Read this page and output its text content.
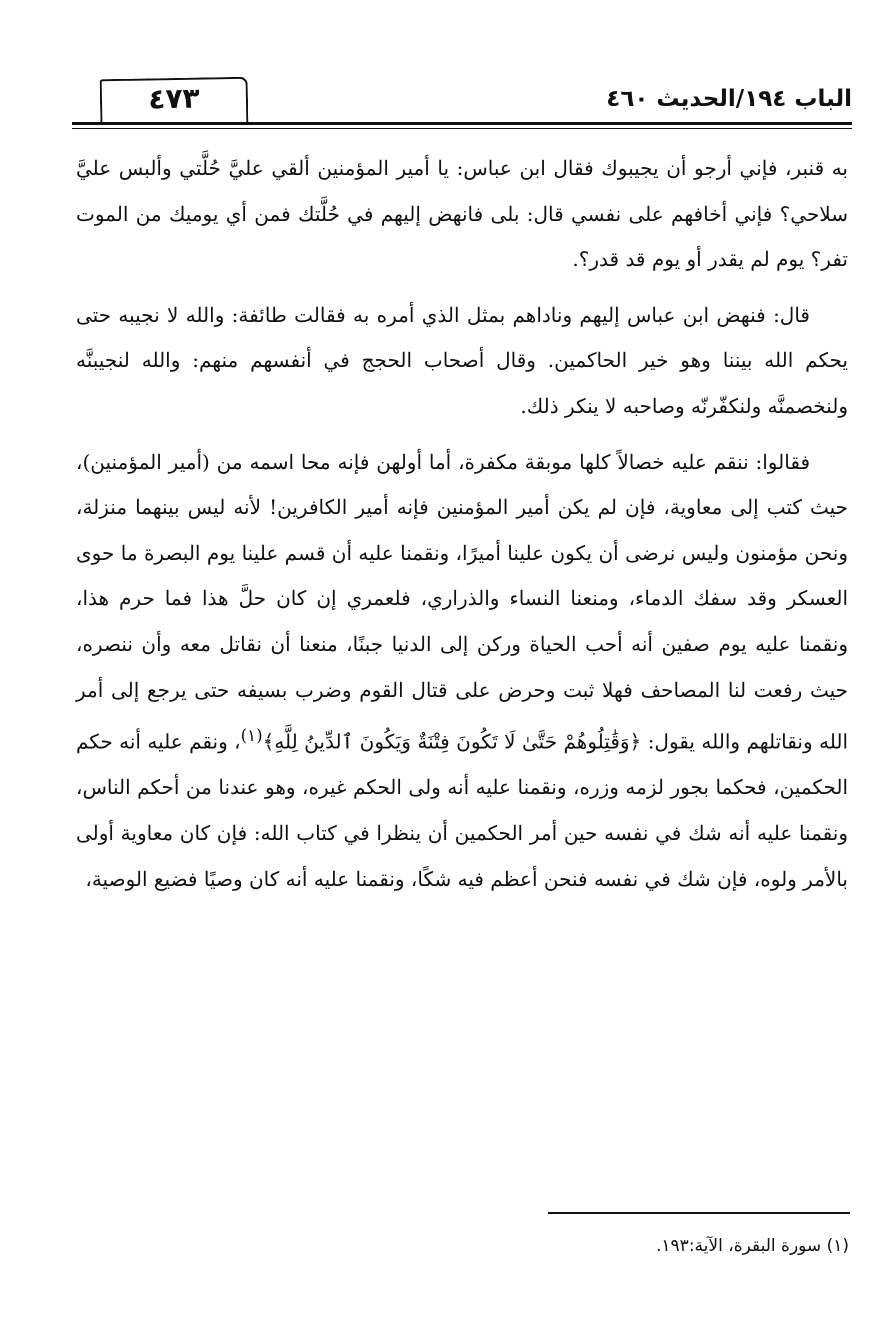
٤٧٣	الباب ١٩٤/الحديث ٤٦٠

به قنبر، فإني أرجو أن يجيبوك فقال ابن عباس: يا أمير المؤمنين ألقي عليَّ حُلَّتي وألبس عليَّ سلاحي؟ فإني أخافهم على نفسي قال: بلى فانهض إليهم في حُلَّتك فمن أي يوميك من الموت تفر؟ يوم لم يقدر أو يوم قد قدر؟.

قال: فنهض ابن عباس إليهم وناداهم بمثل الذي أمره به فقالت طائفة: والله لا نجيبه حتى يحكم الله بيننا وهو خير الحاكمين. وقال أصحاب الحجج في أنفسهم منهم: والله لنجيبنَّه ولنخصمنَّه ولنكفّرنّه وصاحبه لا ينكر ذلك.

فقالوا: ننقم عليه خصالاً كلها موبقة مكفرة، أما أولهن فإنه محا اسمه من (أمير المؤمنين)، حيث كتب إلى معاوية، فإن لم يكن أمير المؤمنين فإنه أمير الكافرين! لأنه ليس بينهما منزلة، ونحن مؤمنون وليس نرضى أن يكون علينا أميرًا، ونقمنا عليه أن قسم علينا يوم البصرة ما حوى العسكر وقد سفك الدماء، ومنعنا النساء والذراري، فلعمري إن كان حلَّ هذا فما حرم هذا، ونقمنا عليه يوم صفين أنه أحب الحياة وركن إلى الدنيا جبنًا، منعنا أن نقاتل معه وأن ننصره، حيث رفعت لنا المصاحف فهلا ثبت وحرض على قتال القوم وضرب بسيفه حتى يرجع إلى أمر الله ونقاتلهم والله يقول: ﴿وَقَٰتِلُوهُمْ حَتَّىٰ لَا تَكُونَ فِتْنَةٌ وَيَكُونَ ٱلدِّينُ لِلَّهِ﴾$^{(١)}$، ونقم عليه أنه حكم الحكمين، فحكما بجور لزمه وزره، ونقمنا عليه أنه ولى الحكم غيره، وهو عندنا من أحكم الناس، ونقمنا عليه أنه شك في نفسه حين أمر الحكمين أن ينظرا في كتاب الله: فإن كان معاوية أولى بالأمر ولوه، فإن شك في نفسه فنحن أعظم فيه شكًا، ونقمنا عليه أنه كان وصيًا فضيع الوصية،

(١) سورة البقرة، الآية:١٩٣.
